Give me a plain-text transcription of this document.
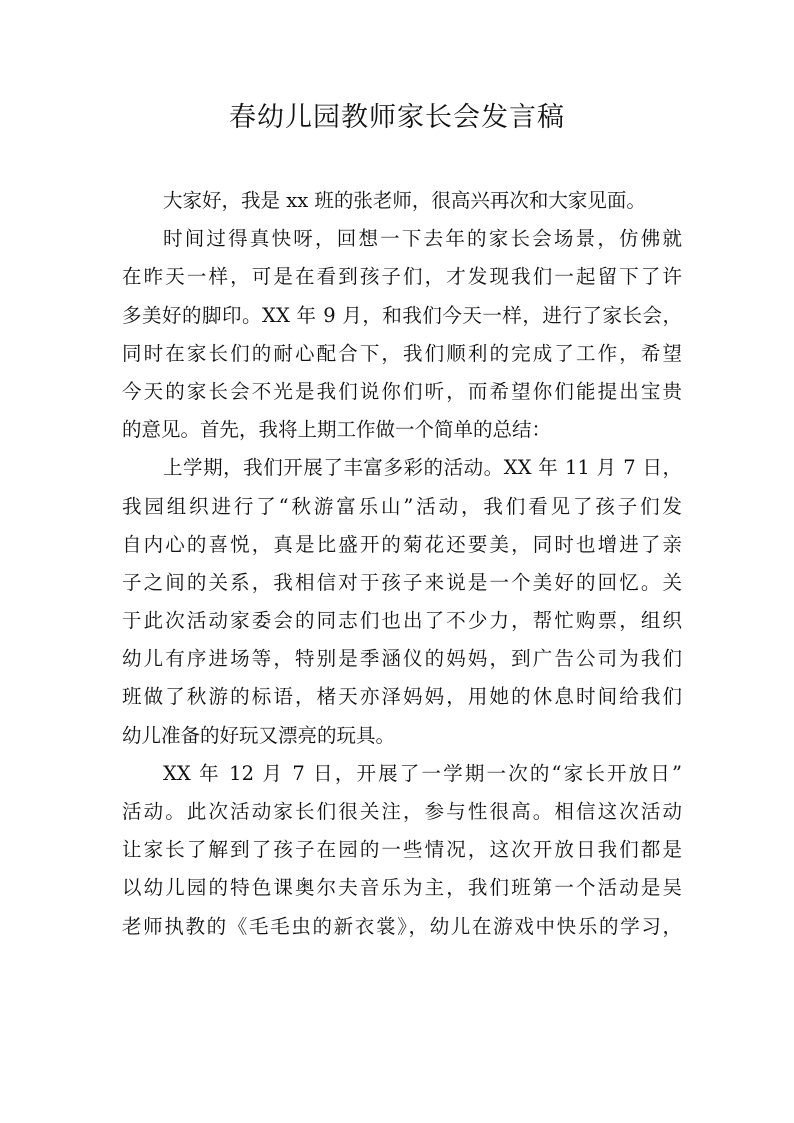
春幼儿园教师家长会发言稿
大家好，我是 xx 班的张老师，很高兴再次和大家见面。
时间过得真快呀，回想一下去年的家长会场景，仿佛就
在昨天一样，可是在看到孩子们，才发现我们一起留下了许
多美好的脚印。XX 年 9 月，和我们今天一样，进行了家长会，
同时在家长们的耐心配合下，我们顺利的完成了工作，希望
今天的家长会不光是我们说你们听，而希望你们能提出宝贵
的意见。首先，我将上期工作做一个简单的总结：
上学期，我们开展了丰富多彩的活动。XX 年 11 月 7 日，
我园组织进行了“秋游富乐山”活动，我们看见了孩子们发
自内心的喜悦，真是比盛开的菊花还要美，同时也增进了亲
子之间的关系，我相信对于孩子来说是一个美好的回忆。关
于此次活动家委会的同志们也出了不少力，帮忙购票，组织
幼儿有序进场等，特别是季涵仪的妈妈，到广告公司为我们
班做了秋游的标语，楮天亦泽妈妈，用她的休息时间给我们
幼儿准备的好玩又漂亮的玩具。
XX 年 12 月 7 日，开展了一学期一次的“家长开放日”
活动。此次活动家长们很关注，参与性很高。相信这次活动
让家长了解到了孩子在园的一些情况，这次开放日我们都是
以幼儿园的特色课奥尔夫音乐为主，我们班第一个活动是吴
老师执教的《毛毛虫的新衣裳》，幼儿在游戏中快乐的学习，
